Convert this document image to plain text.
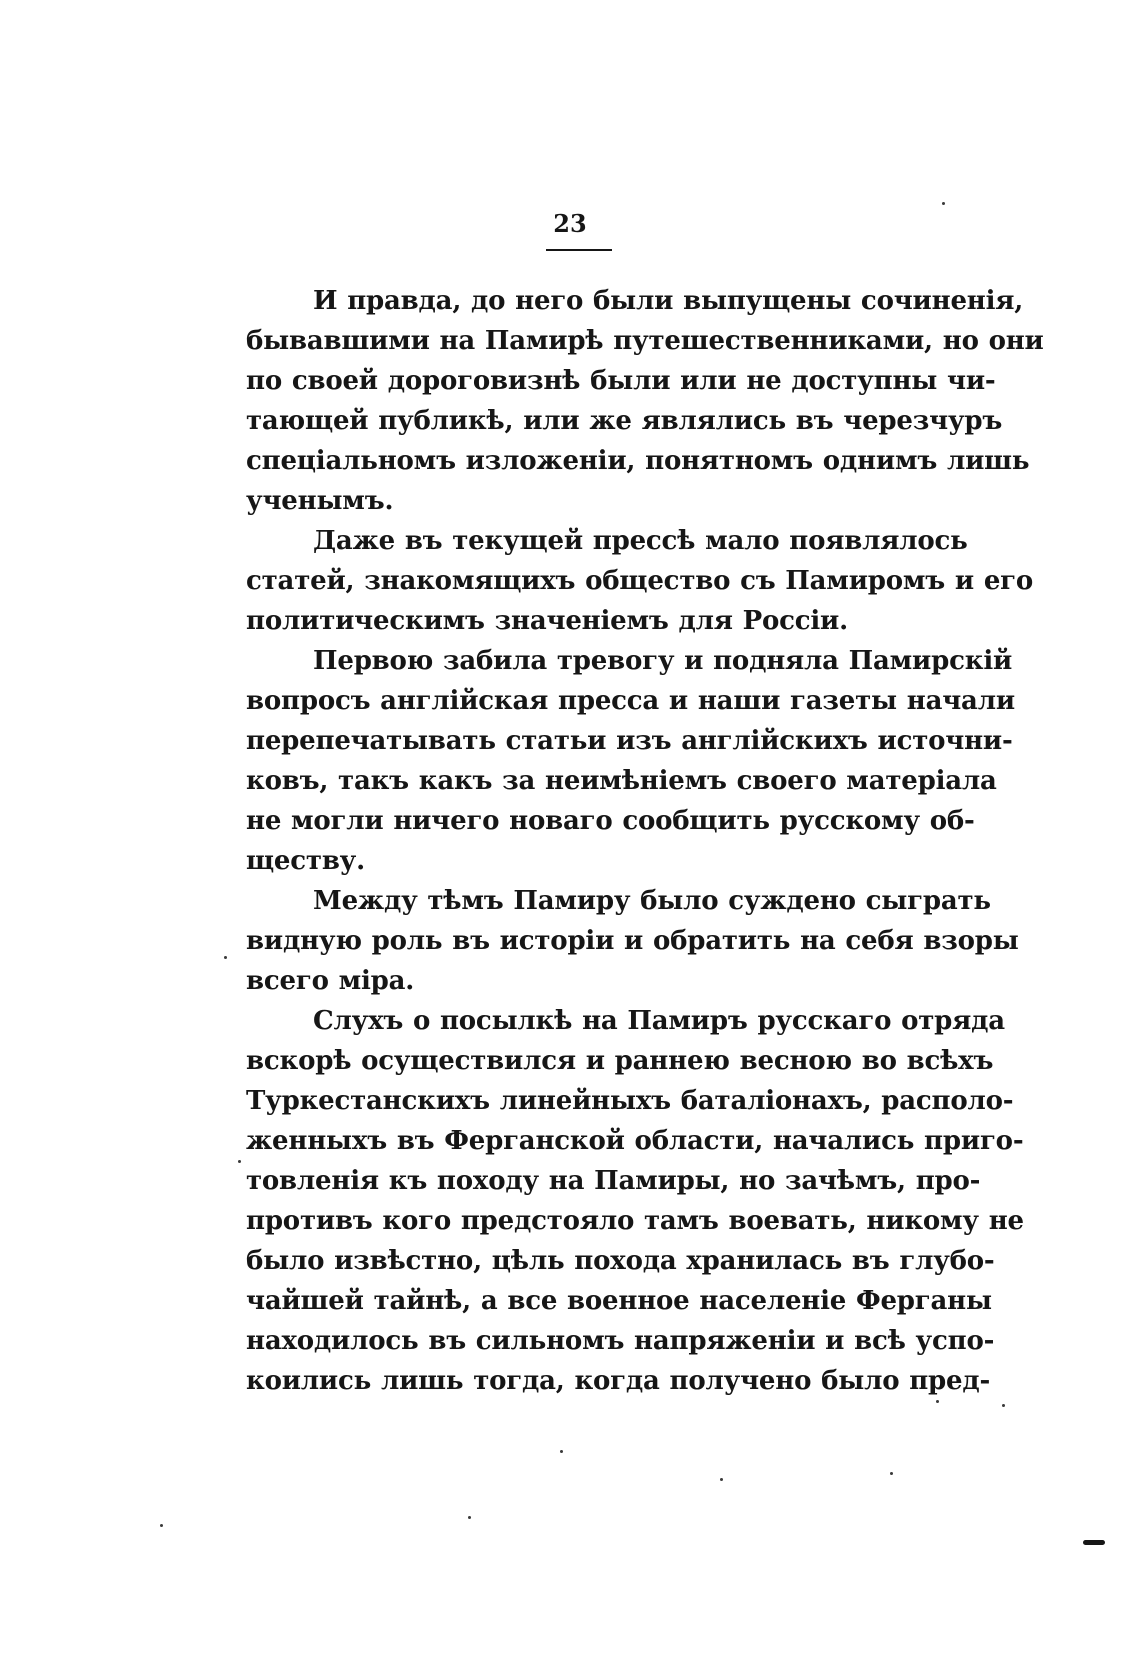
23
И правда, до него были выпущены сочиненія,
бывавшими на Памирѣ путешественниками, но они
по своей дороговизнѣ были или не доступны чи-
тающей публикѣ, или же являлись въ черезчуръ
спеціальномъ изложеніи, понятномъ однимъ лишь
ученымъ.
Даже въ текущей прессѣ мало появлялось
статей, знакомящихъ общество съ Памиромъ и его
политическимъ значеніемъ для Россіи.
Первою забила тревогу и подняла Памирскій
вопросъ англійская пресса и наши газеты начали
перепечатывать статьи изъ англійскихъ источни-
ковъ, такъ какъ за неимѣніемъ своего матеріала
не могли ничего новаго сообщить русскому об-
ществу.
Между тѣмъ Памиру было суждено сыграть
видную роль въ исторіи и обратить на себя взоры
всего міра.
Слухъ о посылкѣ на Памиръ русскаго отряда
вскорѣ осуществился и раннею весною во всѣхъ
Туркестанскихъ линейныхъ баталіонахъ, располо-
женныхъ въ Ферганской области, начались приго-
товленія къ походу на Памиры, но зачѣмъ, про-
противъ кого предстояло тамъ воевать, никому не
было извѣстно, цѣль похода хранилась въ глубо-
чайшей тайнѣ, а все военное населеніе Ферганы
находилось въ сильномъ напряженіи и всѣ успо-
коились лишь тогда, когда получено было пред-
